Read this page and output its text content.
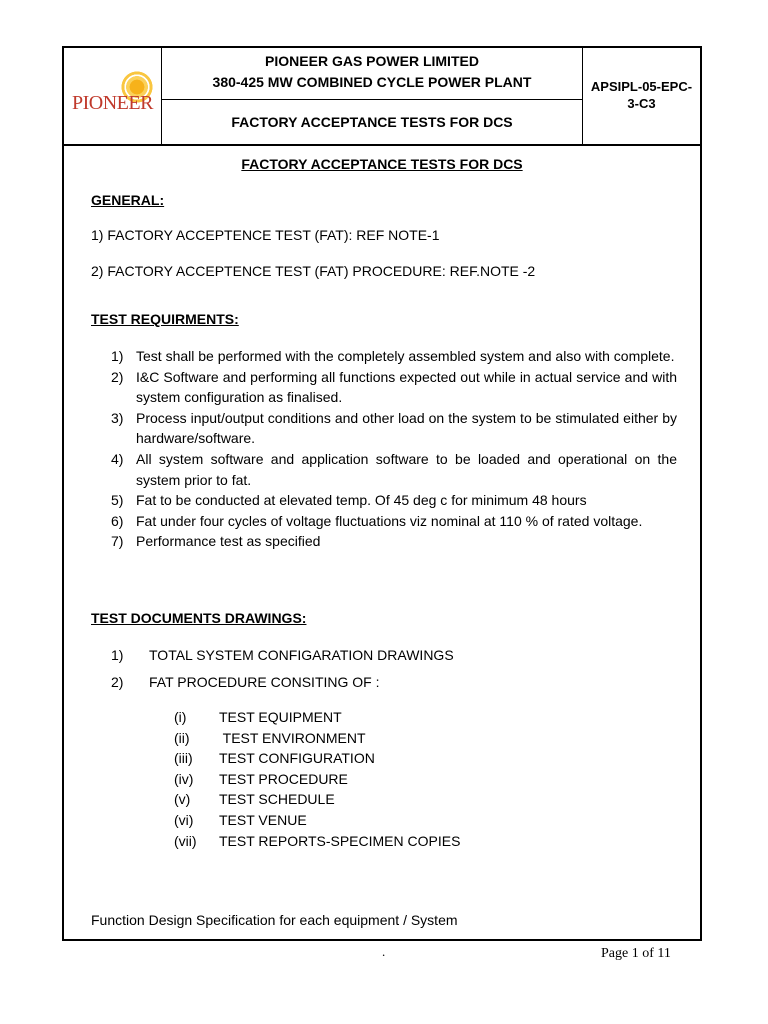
PIONEER
PIONEER GAS POWER LIMITED
380-425 MW COMBINED CYCLE POWER PLANT
FACTORY ACCEPTANCE TESTS FOR DCS
APSIPL-05-EPC-
3-C3
FACTORY ACCEPTANCE TESTS FOR DCS
GENERAL:
1) FACTORY ACCEPTENCE TEST (FAT): REF NOTE-1
2) FACTORY ACCEPTENCE TEST (FAT) PROCEDURE: REF.NOTE -2
TEST REQUIRMENTS:
1) Test shall be performed with the completely assembled system and also with complete.
2) I&C Software and performing all functions expected out while in actual service and with system configuration as finalised.
3) Process input/output conditions and other load on the system to be stimulated either by hardware/software.
4) All system software and application software to be loaded and operational on the system prior to fat.
5) Fat to be conducted at elevated temp. Of 45 deg c for minimum 48 hours
6) Fat under four cycles of voltage fluctuations viz nominal at 110 % of rated voltage.
7) Performance test as specified
TEST DOCUMENTS DRAWINGS:
1) TOTAL SYSTEM CONFIGARATION DRAWINGS
2) FAT PROCEDURE CONSITING OF :
(i) TEST EQUIPMENT
(ii) TEST ENVIRONMENT
(iii) TEST CONFIGURATION
(iv) TEST PROCEDURE
(v) TEST SCHEDULE
(vi) TEST VENUE
(vii) TEST REPORTS-SPECIMEN COPIES
Function Design Specification for each equipment / System
.	Page 1 of 11
